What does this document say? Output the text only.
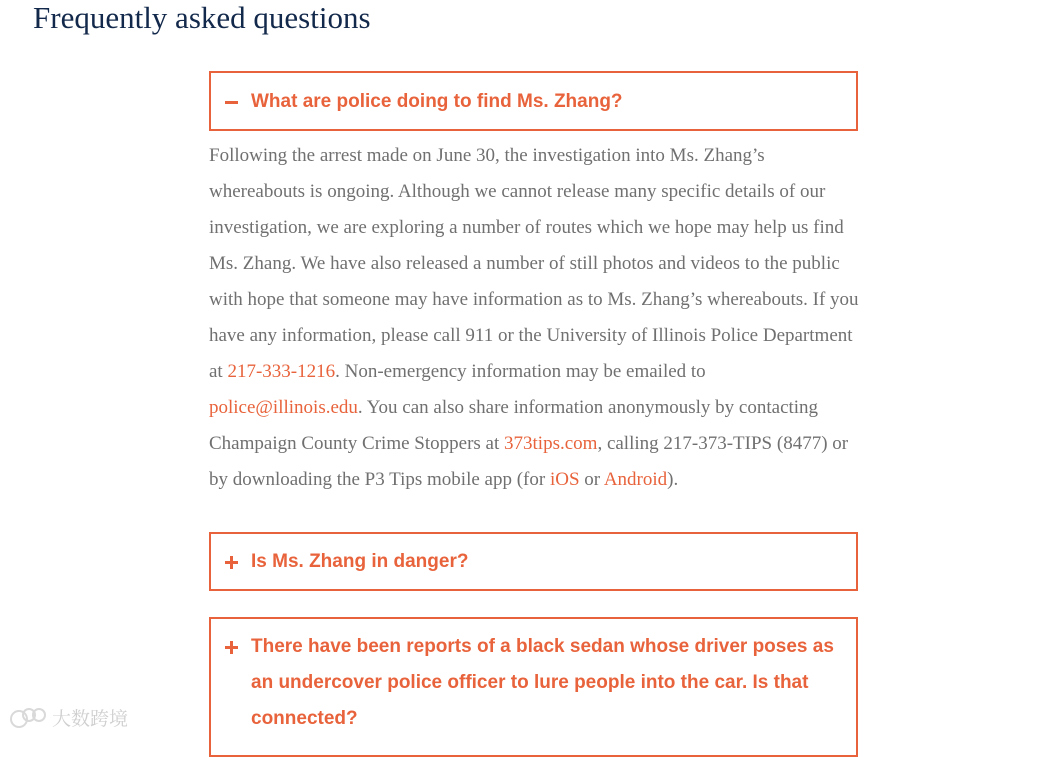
Frequently asked questions
What are police doing to find Ms. Zhang?

Following the arrest made on June 30, the investigation into Ms. Zhang’s whereabouts is ongoing. Although we cannot release many specific details of our investigation, we are exploring a number of routes which we hope may help us find Ms. Zhang. We have also released a number of still photos and videos to the public with hope that someone may have information as to Ms. Zhang’s whereabouts. If you have any information, please call 911 or the University of Illinois Police Department at 217-333-1216. Non-emergency information may be emailed to police@illinois.edu. You can also share information anonymously by contacting Champaign County Crime Stoppers at 373tips.com, calling 217-373-TIPS (8477) or by downloading the P3 Tips mobile app (for iOS or Android).

Is Ms. Zhang in danger?
There have been reports of a black sedan whose driver poses as an undercover police officer to lure people into the car. Is that connected?
大数跨境
